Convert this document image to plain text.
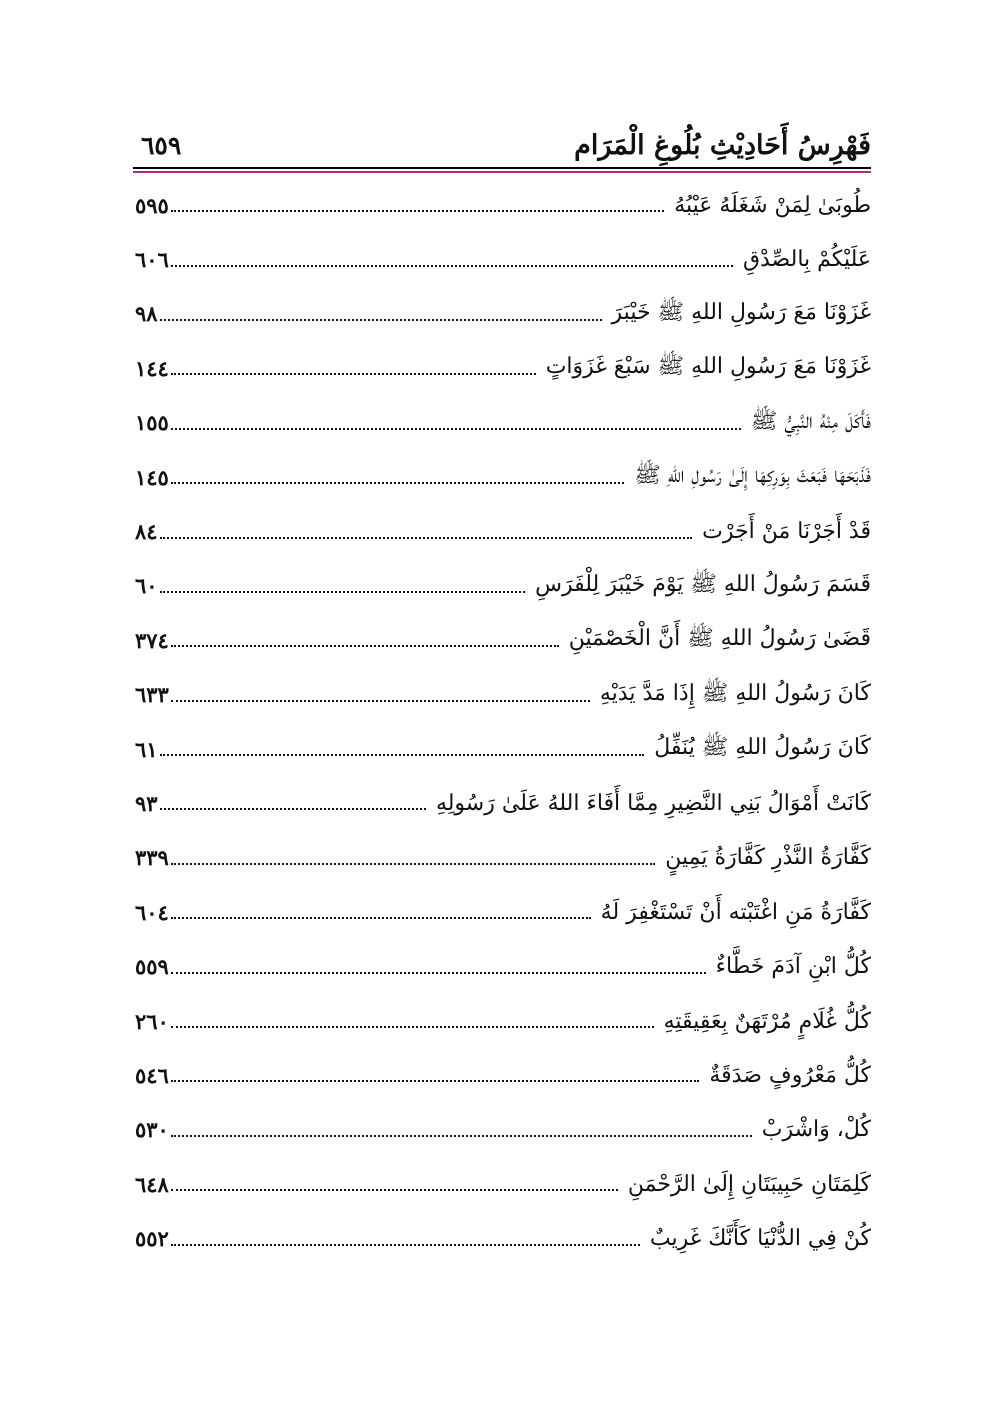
فَهْرِسُ أَحَادِيْثِ بُلُوغِ الْمَرَام
٦٥٩
طُوبَىٰ لِمَنْ شَغَلَهُ عَيْبُهُ
٥٩٥
عَلَيْكُمْ بِالصِّدْقِ
٦٠٦
غَزَوْنَا مَعَ رَسُولِ اللهِ ﷺ خَيْبَرَ
٩٨
غَزَوْنَا مَعَ رَسُولِ اللهِ ﷺ سَبْعَ غَزَوَاتٍ
١٤٤
فَأَكَلَ مِنْهُ النَّبِيُّ ﷺ
١٥٥
فَذَبَحَهَا فَبَعَثَ بِوَرِكِهَا إِلَىٰ رَسُولِ اللهِ ﷺ
١٤٥
قَدْ أَجَرْنَا مَنْ أَجَرْت
٨٤
قَسَمَ رَسُولُ اللهِ ﷺ يَوْمَ خَيْبَرَ لِلْفَرَسِ
٦٠
قَضَىٰ رَسُولُ اللهِ ﷺ أَنَّ الْخَصْمَيْنِ
٣٧٤
كَانَ رَسُولُ اللهِ ﷺ إِذَا مَدَّ يَدَيْهِ
٦٣٣
كَانَ رَسُولُ اللهِ ﷺ يُنَفِّلُ
٦١
كَانَتْ أَمْوَالُ بَنِي النَّضِيرِ مِمَّا أَفَاءَ اللهُ عَلَىٰ رَسُولِهِ
٩٣
كَفَّارَةُ النَّذْرِ كَفَّارَةُ يَمِينٍ
٣٣٩
كَفَّارَةُ مَنِ اغْتَبْته أَنْ تَسْتَغْفِرَ لَهُ
٦٠٤
كُلُّ ابْنِ آدَمَ خَطَّاءٌ
٥٥٩
كُلُّ غُلَامٍ مُرْتَهَنٌ بِعَقِيقَتِهِ
٢٦٠
كُلُّ مَعْرُوفٍ صَدَقَةٌ
٥٤٦
كُلْ، وَاشْرَبْ
٥٣٠
كَلِمَتَانِ حَبِيبَتَانِ إِلَىٰ الرَّحْمَنِ
٦٤٨
كُنْ فِي الدُّنْيَا كَأَنَّكَ غَرِيبٌ
٥٥٢
